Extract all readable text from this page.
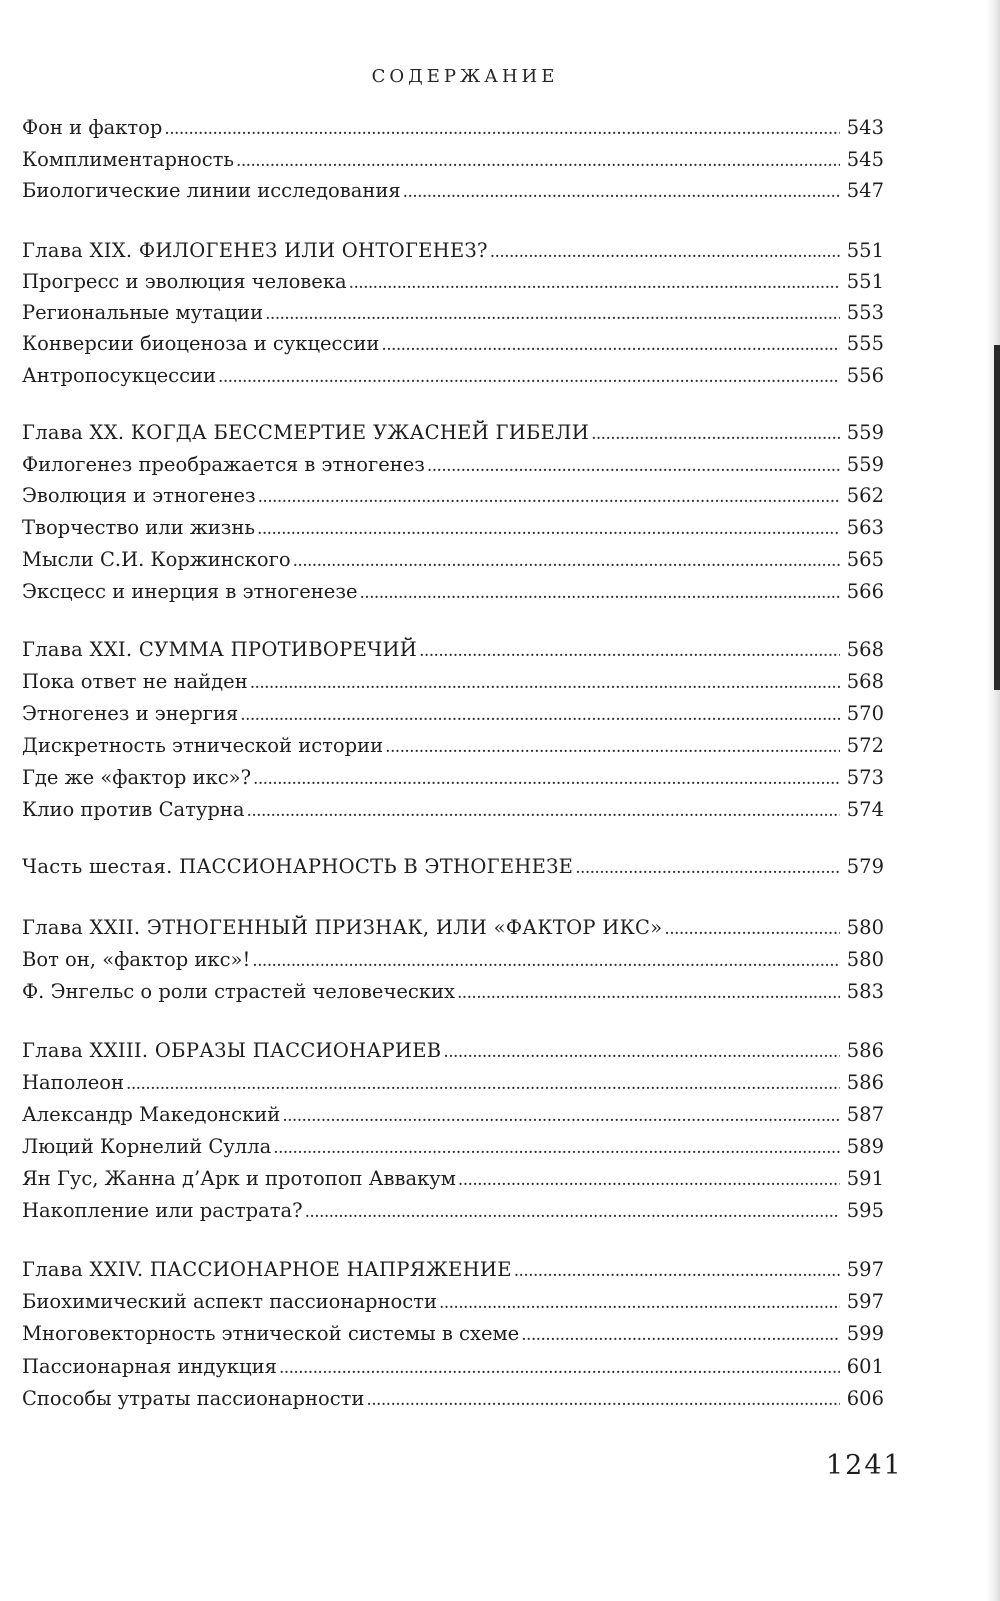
СОДЕРЖАНИЕ
Фон и фактор . . .	543
Комплиментарность . . .	545
Биологические линии исследования . . .	547
Глава XIX. ФИЛОГЕНЕЗ ИЛИ ОНТОГЕНЕЗ? . . .	551
Прогресс и эволюция человека . . .	551
Региональные мутации . . .	553
Конверсии биоценоза и сукцессии . . .	555
Антропосукцессии . . .	556
Глава XX. КОГДА БЕССМЕРТИЕ УЖАСНЕЙ ГИБЕЛИ . . .	559
Филогенез преображается в этногенез . . .	559
Эволюция и этногенез . . .	562
Творчество или жизнь . . .	563
Мысли С.И. Коржинского . . .	565
Эксцесс и инерция в этногенезе . . .	566
Глава XXI. СУММА ПРОТИВОРЕЧИЙ . . .	568
Пока ответ не найден . . .	568
Этногенез и энергия . . .	570
Дискретность этнической истории . . .	572
Где же «фактор икс»? . . .	573
Клио против Сатурна . . .	574
Часть шестая. ПАССИОНАРНОСТЬ В ЭТНОГЕНЕЗЕ . . .	579
Глава XXII. ЭТНОГЕННЫЙ ПРИЗНАК, ИЛИ «ФАКТОР ИКС» . . .	580
Вот он, «фактор икс»! . . .	580
Ф. Энгельс о роли страстей человеческих . . .	583
Глава XXIII. ОБРАЗЫ ПАССИОНАРИЕВ . . .	586
Наполеон . . .	586
Александр Македонский . . .	587
Люций Корнелий Сулла . . .	589
Ян Гус, Жанна д’Арк и протопоп Аввакум . . .	591
Накопление или растрата? . . .	595
Глава XXIV. ПАССИОНАРНОЕ НАПРЯЖЕНИЕ . . .	597
Биохимический аспект пассионарности . . .	597
Многовекторность этнической системы в схеме . . .	599
Пассионарная индукция . . .	601
Способы утраты пассионарности . . .	606
1241
